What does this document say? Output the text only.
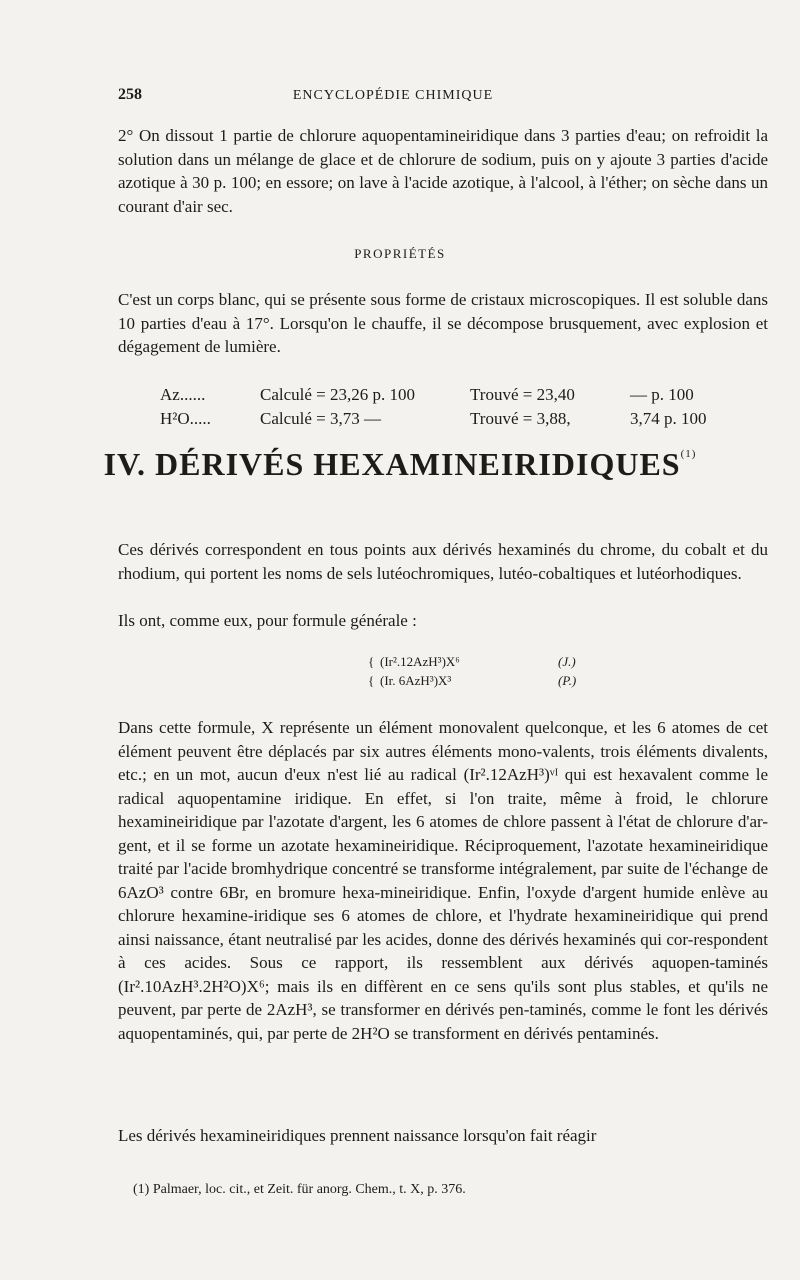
258	ENCYCLOPÉDIE CHIMIQUE

2° On dissout 1 partie de chlorure aquopentamineiridique dans 3 parties d'eau; on refroidit la solution dans un mélange de glace et de chlorure de sodium, puis on y ajoute 3 parties d'acide azotique à 30 p. 100; en essore; on lave à l'acide azotique, à l'alcool, à l'éther; on sèche dans un courant d'air sec.

PROPRIÉTÉS

C'est un corps blanc, qui se présente sous forme de cristaux microscopiques. Il est soluble dans 10 parties d'eau à 17°. Lorsqu'on le chauffe, il se décompose brusquement, avec explosion et dégagement de lumière.

Az......	Calculé = 23,26 p. 100	Trouvé = 23,40	— p. 100
H²O.....	Calculé = 3,73 —	Trouvé = 3,88,	3,74 p. 100
IV. DÉRIVÉS HEXAMINEIRIDIQUES$^{(1)}$

Ces dérivés correspondent en tous points aux dérivés hexaminés du chrome, du cobalt et du rhodium, qui portent les noms de sels lutéochromiques, lutéo-cobaltiques et lutéorhodiques.

Ils ont, comme eux, pour formule générale :

{ (Ir².12AzH³)X⁶	(J.)
{ (Ir. 6AzH³)X³	(P.)

Dans cette formule, X représente un élément monovalent quelconque, et les 6 atomes de cet élément peuvent être déplacés par six autres éléments mono-valents, trois éléments divalents, etc.; en un mot, aucun d'eux n'est lié au radical (Ir².12AzH³)ᵛᴵ qui est hexavalent comme le radical aquopentamine iridique. En effet, si l'on traite, même à froid, le chlorure hexamineiridique par l'azotate d'argent, les 6 atomes de chlore passent à l'état de chlorure d'ar-gent, et il se forme un azotate hexamineiridique. Réciproquement, l'azotate hexamineiridique traité par l'acide bromhydrique concentré se transforme intégralement, par suite de l'échange de 6AzO³ contre 6Br, en bromure hexa-mineiridique. Enfin, l'oxyde d'argent humide enlève au chlorure hexamine-iridique ses 6 atomes de chlore, et l'hydrate hexamineiridique qui prend ainsi naissance, étant neutralisé par les acides, donne des dérivés hexaminés qui cor-respondent à ces acides. Sous ce rapport, ils ressemblent aux dérivés aquopen-taminés (Ir².10AzH³.2H²O)X⁶; mais ils en diffèrent en ce sens qu'ils sont plus stables, et qu'ils ne peuvent, par perte de 2AzH³, se transformer en dérivés pen-taminés, comme le font les dérivés aquopentaminés, qui, par perte de 2H²O se transforment en dérivés pentaminés.

Les dérivés hexamineiridiques prennent naissance lorsqu'on fait réagir

(1) Palmaer, loc. cit., et Zeit. für anorg. Chem., t. X, p. 376.
